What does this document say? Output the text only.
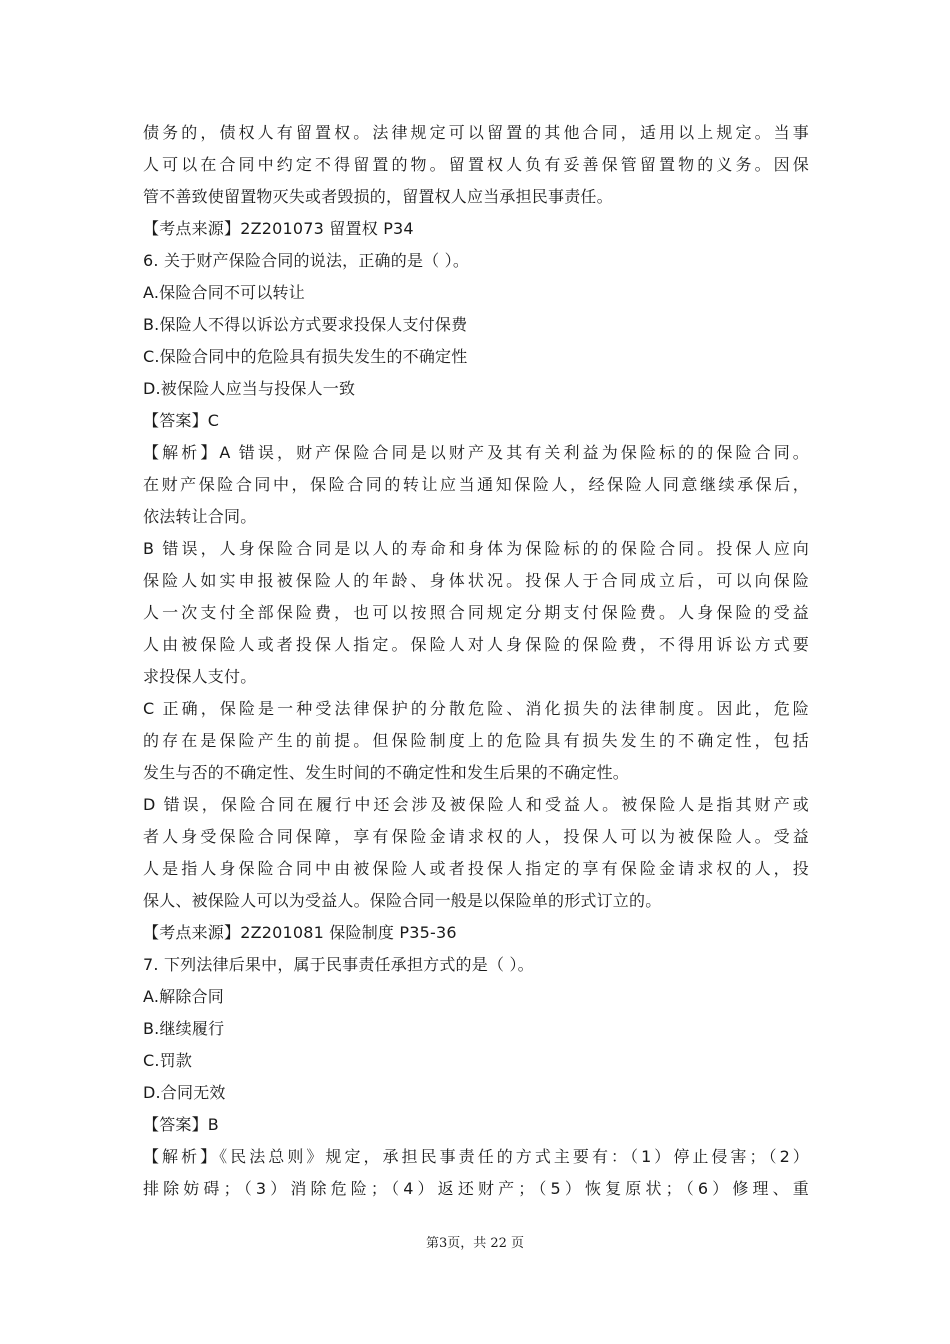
债务的，债权人有留置权。法律规定可以留置的其他合同，适用以上规定。当事
人可以在合同中约定不得留置的物。留置权人负有妥善保管留置物的义务。因保
管不善致使留置物灭失或者毁损的，留置权人应当承担民事责任。
【考点来源】2Z201073 留置权 P34
6. 关于财产保险合同的说法，正确的是（ ）。
A.保险合同不可以转让
B.保险人不得以诉讼方式要求投保人支付保费
C.保险合同中的危险具有损失发生的不确定性
D.被保险人应当与投保人一致
【答案】C
【解析】A 错误，财产保险合同是以财产及其有关利益为保险标的的保险合同。
在财产保险合同中，保险合同的转让应当通知保险人，经保险人同意继续承保后，
依法转让合同。
B 错误，人身保险合同是以人的寿命和身体为保险标的的保险合同。投保人应向
保险人如实申报被保险人的年龄、身体状况。投保人于合同成立后，可以向保险
人一次支付全部保险费，也可以按照合同规定分期支付保险费。人身保险的受益
人由被保险人或者投保人指定。保险人对人身保险的保险费，不得用诉讼方式要
求投保人支付。
C 正确，保险是一种受法律保护的分散危险、消化损失的法律制度。因此，危险
的存在是保险产生的前提。但保险制度上的危险具有损失发生的不确定性，包括
发生与否的不确定性、发生时间的不确定性和发生后果的不确定性。
D 错误，保险合同在履行中还会涉及被保险人和受益人。被保险人是指其财产或
者人身受保险合同保障，享有保险金请求权的人，投保人可以为被保险人。受益
人是指人身保险合同中由被保险人或者投保人指定的享有保险金请求权的人，投
保人、被保险人可以为受益人。保险合同一般是以保险单的形式订立的。
【考点来源】2Z201081 保险制度 P35-36
7. 下列法律后果中，属于民事责任承担方式的是（ ）。
A.解除合同
B.继续履行
C.罚款
D.合同无效
【答案】B
【解析】《民法总则》规定，承担民事责任的方式主要有：（1）停止侵害；（2）
排除妨碍；（3）消除危险；（4）返还财产；（5）恢复原状；（6）修理、重
第3页，共 22 页
